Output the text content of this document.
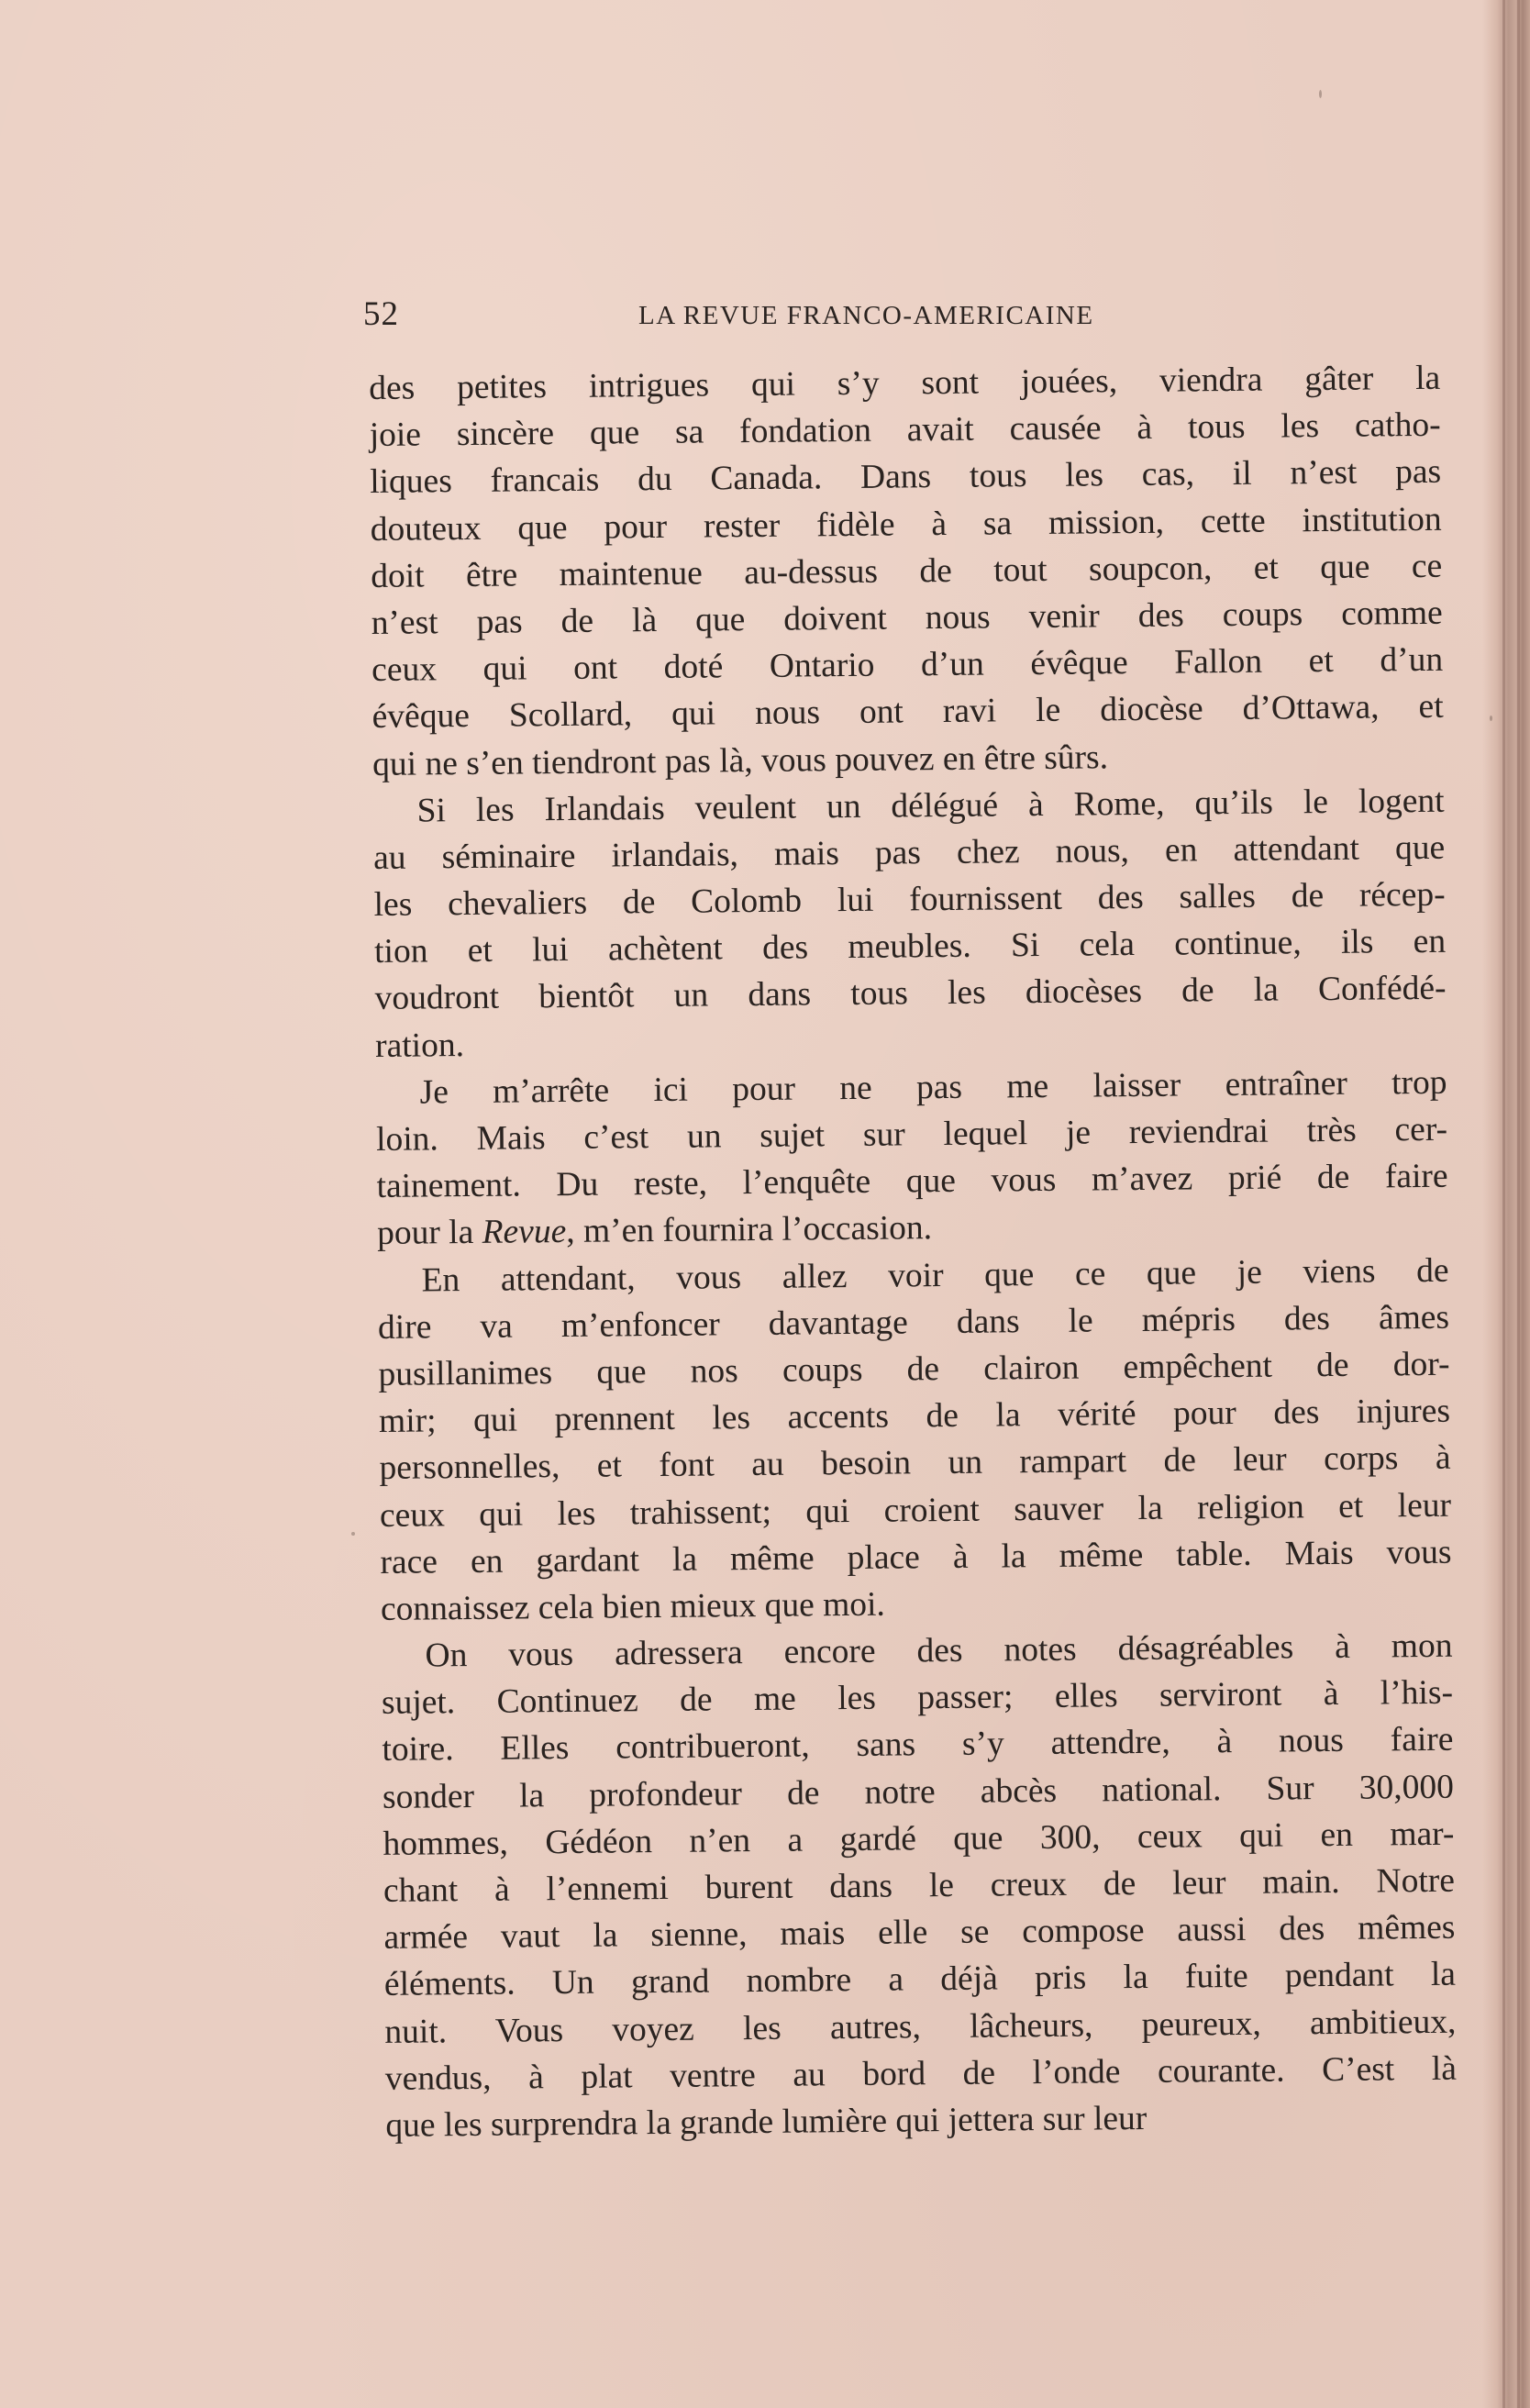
52	LA REVUE FRANCO-AMERICAINE
des petites intrigues qui s’y sont jouées, viendra gâter la
joie sincère que sa fondation avait causée à tous les catho-
liques francais du Canada. Dans tous les cas, il n’est pas
douteux que pour rester fidèle à sa mission, cette institution
doit être maintenue au-dessus de tout soupcon, et que ce
n’est pas de là que doivent nous venir des coups comme
ceux qui ont doté Ontario d’un évêque Fallon et d’un
évêque Scollard, qui nous ont ravi le diocèse d’Ottawa, et
qui ne s’en tiendront pas là, vous pouvez en être sûrs.
Si les Irlandais veulent un délégué à Rome, qu’ils le logent
au séminaire irlandais, mais pas chez nous, en attendant que
les chevaliers de Colomb lui fournissent des salles de récep-
tion et lui achètent des meubles. Si cela continue, ils en
voudront bientôt un dans tous les diocèses de la Confédé-
ration.
Je m’arrête ici pour ne pas me laisser entraîner trop
loin. Mais c’est un sujet sur lequel je reviendrai très cer-
tainement. Du reste, l’enquête que vous m’avez prié de faire
pour la Revue, m’en fournira l’occasion.
En attendant, vous allez voir que ce que je viens de
dire va m’enfoncer davantage dans le mépris des âmes
pusillanimes que nos coups de clairon empêchent de dor-
mir; qui prennent les accents de la vérité pour des injures
personnelles, et font au besoin un rampart de leur corps à
ceux qui les trahissent; qui croient sauver la religion et leur
race en gardant la même place à la même table. Mais vous
connaissez cela bien mieux que moi.
On vous adressera encore des notes désagréables à mon
sujet. Continuez de me les passer; elles serviront à l’his-
toire. Elles contribueront, sans s’y attendre, à nous faire
sonder la profondeur de notre abcès national. Sur 30,000
hommes, Gédéon n’en a gardé que 300, ceux qui en mar-
chant à l’ennemi burent dans le creux de leur main. Notre
armée vaut la sienne, mais elle se compose aussi des mêmes
éléments. Un grand nombre a déjà pris la fuite pendant la
nuit. Vous voyez les autres, lâcheurs, peureux, ambitieux,
vendus, à plat ventre au bord de l’onde courante. C’est là
que les surprendra la grande lumière qui jettera sur leur
